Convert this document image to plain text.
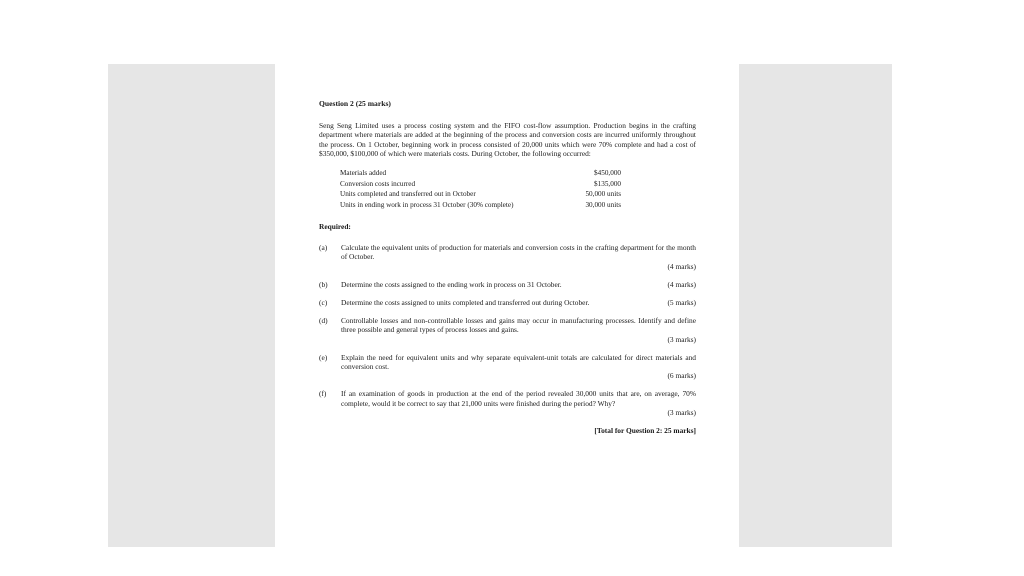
Question 2 (25 marks)

Seng Seng Limited uses a process costing system and the FIFO cost-flow assumption. Production begins in the crafting department where materials are added at the beginning of the process and conversion costs are incurred uniformly throughout the process. On 1 October, beginning work in process consisted of 20,000 units which were 70% complete and had a cost of $350,000, $100,000 of which were materials costs. During October, the following occurred:

Materials added	$450,000
Conversion costs incurred	$135,000
Units completed and transferred out in October	50,000 units
Units in ending work in process 31 October (30% complete)	30,000 units

Required:

(a)	Calculate the equivalent units of production for materials and conversion costs in the crafting department for the month of October.
(4 marks)
(b)	Determine the costs assigned to the ending work in process on 31 October.	(4 marks)
(c)	Determine the costs assigned to units completed and transferred out during October.	(5 marks)
(d)	Controllable losses and non-controllable losses and gains may occur in manufacturing processes. Identify and define three possible and general types of process losses and gains.
(3 marks)
(e)	Explain the need for equivalent units and why separate equivalent-unit totals are calculated for direct materials and conversion cost.
(6 marks)
(f)	If an examination of goods in production at the end of the period revealed 30,000 units that are, on average, 70% complete, would it be correct to say that 21,000 units were finished during the period? Why?
(3 marks)
[Total for Question 2: 25 marks]
